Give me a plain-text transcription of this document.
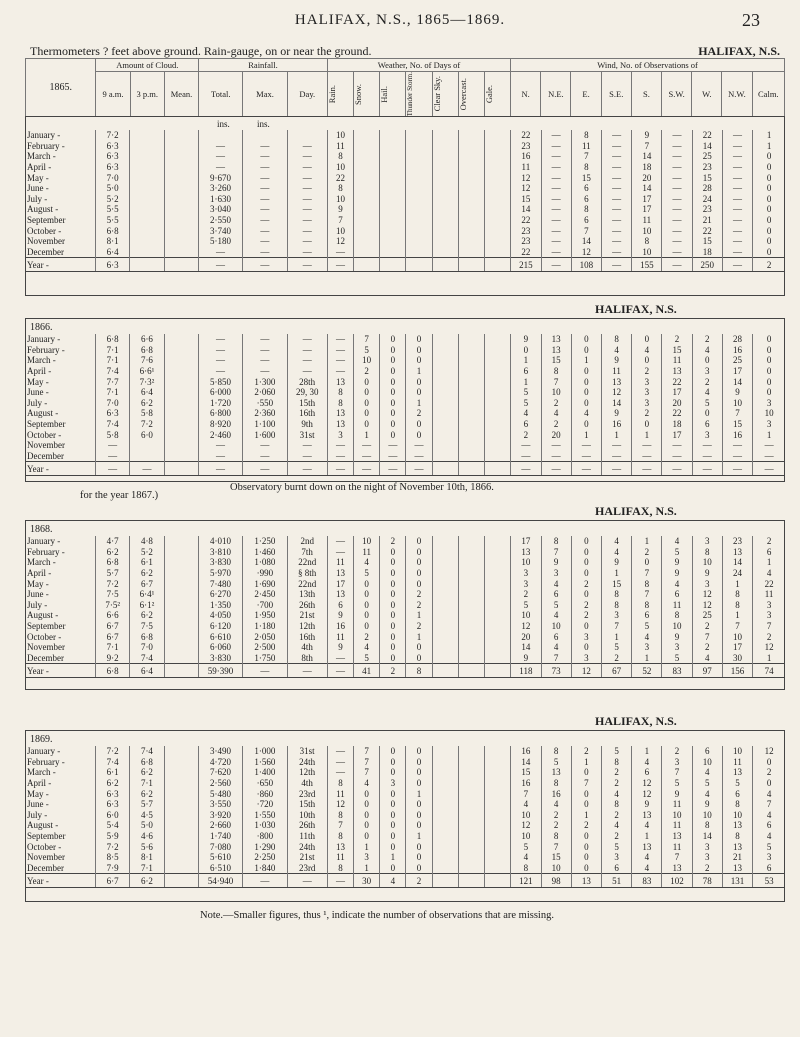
HALIFAX, N.S., 1865—1869.	23
Thermometers ? feet above ground. Rain-gauge, on or near the ground.	HALIFAX, N.S.
1865.	Amount of Cloud.			Rainfall.			Weather, No. of Days of							Wind, No. of Observations of								
	9 a.m.	3 p.m.	Mean.	Total.	Max.	Day.	Rain.	Snow.	Hail.	Thunder Storm.	Clear Sky.	Overcast.	Gale.	N.	N.E.	E.	S.E.	S.	S.W.	W.	N.W.	Calm.
ins.	ins.
January -	7·2						10							22	—	8	—	9	—	22	—	1
February -	6·3			—	—	—	11							23	—	11	—	7	—	14	—	1
March -	6·3			—	—	—	8							16	—	7	—	14	—	25	—	0
April -	6·3			—	—	—	10							11	—	8	—	18	—	23	—	0
May -	7·0			9·670	—	—	22							12	—	15	—	20	—	15	—	0
June -	5·0			3·260	—	—	8							12	—	6	—	14	—	28	—	0
July -	5·2			1·630	—	—	10							15	—	6	—	17	—	24	—	0
August -	5·5			3·040	—	—	9							14	—	8	—	17	—	23	—	0
September	5·5			2·550	—	—	7							22	—	6	—	11	—	21	—	0
October -	6·8			3·740	—	—	10							23	—	7	—	10	—	22	—	0
November	8·1			5·180	—	—	12							23	—	14	—	8	—	15	—	0
December	6·4			—	—	—	—							22	—	12	—	10	—	18	—	0
Year -	6·3			—	—	—	—							215	—	108	—	155	—	250	—	2
HALIFAX, N.S.
1866.
January -	6·8	6·6		—	—	—	—	7	0	0				9	13	0	8	0	2	2	28	0
February -	7·1	6·8		—	—	—	—	5	0	0				0	13	0	4	4	15	4	16	0
March -	7·1	7·6		—	—	—	—	10	0	0				1	15	1	9	0	11	0	25	0
April -	7·4	6·6¹		—	—	—	—	2	0	1				6	8	0	11	2	13	3	17	0
May -	7·7	7·3²		5·850	1·300	28th	13	0	0	0				1	7	0	13	3	22	2	14	0
June -	7·1	6·4		6·000	2·060	29, 30	8	0	0	0				5	10	0	12	3	17	4	9	0
July -	7·0	6·2		1·720	·550	15th	8	0	0	1				5	2	0	14	3	20	5	10	3
August -	6·3	5·8		6·800	2·360	16th	13	0	0	2				4	4	4	9	2	22	0	7	10
September	7·4	7·2		8·920	1·100	9th	13	0	0	0				6	2	0	16	0	18	6	15	3
October -	5·8	6·0		2·460	1·600	31st	3	1	0	0				2	20	1	1	1	17	3	16	1
November	—			—	—	—	—	—	—	—				—	—	—	—	—	—	—	—	—
December	—			—	—	—	—	—	—	—				—	—	—	—	—	—	—	—	—
Year -	—	—		—	—	—	—	—	—	—				—	—	—	—	—	—	—	—	—
for the year 1867.)
Observatory burnt down on the night of November 10th, 1866.
HALIFAX, N.S.
1868.
January -	4·7	4·8		4·010	1·250	2nd	—	10	2	0				17	8	0	4	1	4	3	23	2
February -	6·2	5·2		3·810	1·460	7th	—	11	0	0				13	7	0	4	2	5	8	13	6
March -	6·8	6·1		3·830	1·080	22nd	11	4	0	0				10	9	0	9	0	9	10	14	1
April -	5·7	6·2		5·970	·990	§ 8th	13	5	0	0				3	3	0	1	7	9	9	24	4
May -	7·2	6·7		7·480	1·690	22nd	17	0	0	0				3	4	2	15	8	4	3	1	22
June -	7·5	6·4¹		6·270	2·450	13th	13	0	0	2				2	6	0	8	7	6	12	8	11
July -	7·5²	6·1²		1·350	·700	26th	6	0	0	2				5	5	2	8	8	11	12	8	3
August -	6·6	6·2		4·050	1·950	21st	9	0	0	1				10	4	2	3	6	8	25	1	3
September	6·7	7·5		6·120	1·180	12th	16	0	0	2				12	10	0	7	5	10	2	7	7
October -	6·7	6·8		6·610	2·050	16th	11	2	0	1				20	6	3	1	4	9	7	10	2
November	7·1	7·0		6·060	2·500	4th	9	4	0	0				14	4	0	5	3	3	2	17	12
December	9·2	7·4		3·830	1·750	8th	—	5	0	0				9	7	3	2	1	5	4	30	1
Year -	6·8	6·4		59·390	—	—	—	41	2	8				118	73	12	67	52	83	97	156	74
HALIFAX, N.S.
1869.
January -	7·2	7·4		3·490	1·000	31st	—	7	0	0				16	8	2	5	1	2	6	10	12
February -	7·4	6·8		4·720	1·560	24th	—	7	0	0				14	5	1	8	4	3	10	11	0
March -	6·1	6·2		7·620	1·400	12th	—	7	0	0				15	13	0	2	6	7	4	13	2
April -	6·2	7·1		2·560	·650	4th	8	4	3	0				16	8	7	2	12	5	5	5	0
May -	6·3	6·2		5·480	·860	23rd	11	0	0	1				7	16	0	4	12	9	4	6	4
June -	6·3	5·7		3·550	·720	15th	12	0	0	0				4	4	0	8	9	11	9	8	7
July -	6·0	4·5		3·920	1·550	10th	8	0	0	0				10	2	1	2	13	10	10	10	4
August -	5·4	5·0		2·660	1·030	26th	7	0	0	0				12	2	2	4	4	11	8	13	6
September	5·9	4·6		1·740	·800	11th	8	0	0	1				10	8	0	2	1	13	14	8	4
October -	7·2	5·6		7·080	1·290	24th	13	1	0	0				5	7	0	5	13	11	3	13	5
November	8·5	8·1		5·610	2·250	21st	11	3	1	0				4	15	0	3	4	7	3	21	3
December	7·9	7·1		6·510	1·840	23rd	8	1	0	0				8	10	0	6	4	13	2	13	6
Year -	6·7	6·2		54·940	—	—	—	30	4	2				121	98	13	51	83	102	78	131	53
Note.—Smaller figures, thus ¹, indicate the number of observations that are missing.
